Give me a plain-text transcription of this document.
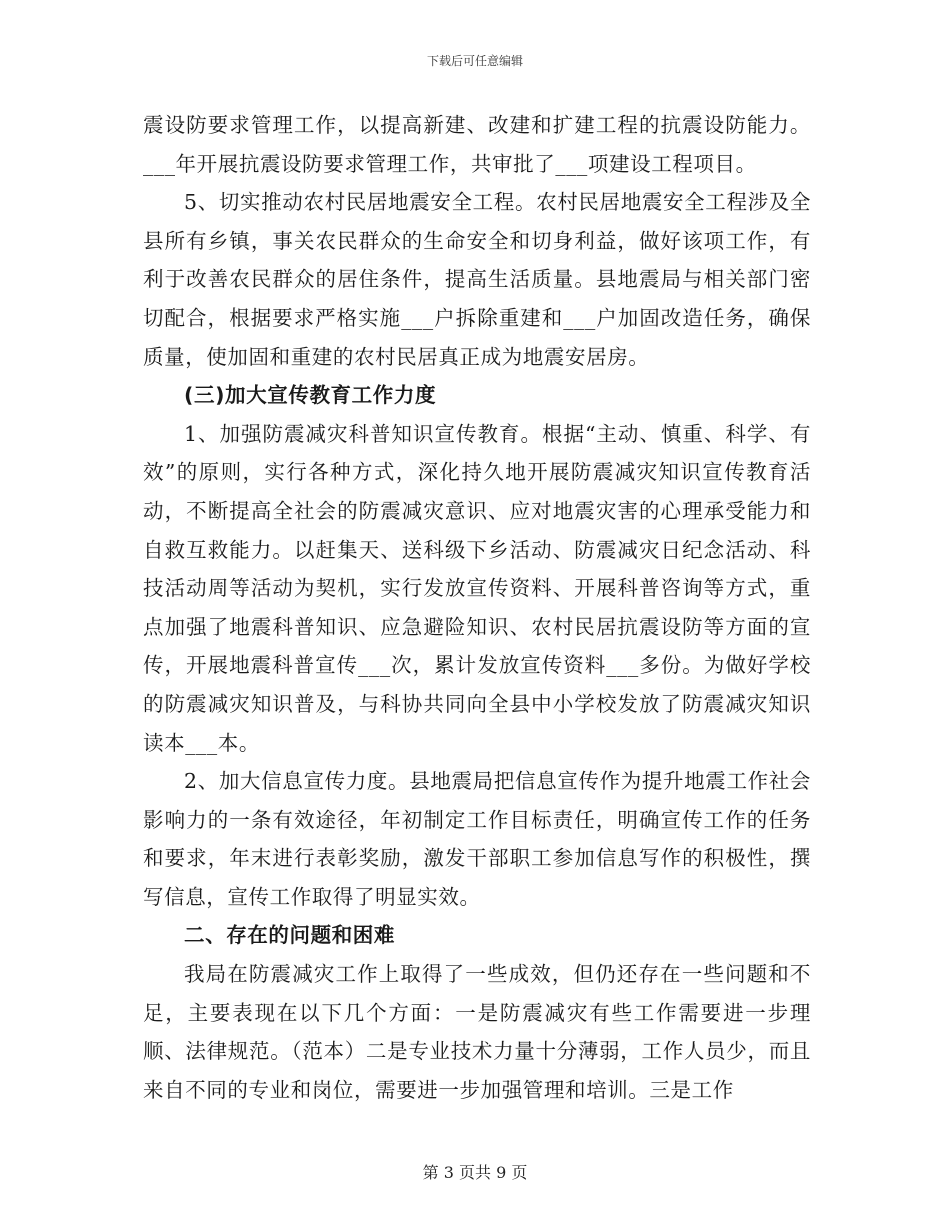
下载后可任意编辑

震设防要求管理工作，以提高新建、改建和扩建工程的抗震设防能力。___年开展抗震设防要求管理工作，共审批了___项建设工程项目。

5、切实推动农村民居地震安全工程。农村民居地震安全工程涉及全县所有乡镇，事关农民群众的生命安全和切身利益，做好该项工作，有利于改善农民群众的居住条件，提高生活质量。县地震局与相关部门密切配合，根据要求严格实施___户拆除重建和___户加固改造任务，确保质量，使加固和重建的农村民居真正成为地震安居房。

(三)加大宣传教育工作力度

1、加强防震减灾科普知识宣传教育。根据“主动、慎重、科学、有效”的原则，实行各种方式，深化持久地开展防震减灾知识宣传教育活动，不断提高全社会的防震减灾意识、应对地震灾害的心理承受能力和自救互救能力。以赶集天、送科级下乡活动、防震减灾日纪念活动、科技活动周等活动为契机，实行发放宣传资料、开展科普咨询等方式，重点加强了地震科普知识、应急避险知识、农村民居抗震设防等方面的宣传，开展地震科普宣传___次，累计发放宣传资料___多份。为做好学校的防震减灾知识普及，与科协共同向全县中小学校发放了防震减灾知识读本___本。

2、加大信息宣传力度。县地震局把信息宣传作为提升地震工作社会影响力的一条有效途径，年初制定工作目标责任，明确宣传工作的任务和要求，年末进行表彰奖励，激发干部职工参加信息写作的积极性，撰写信息，宣传工作取得了明显实效。

二、存在的问题和困难

我局在防震减灾工作上取得了一些成效，但仍还存在一些问题和不足，主要表现在以下几个方面：一是防震减灾有些工作需要进一步理顺、法律规范。（范本）二是专业技术力量十分薄弱，工作人员少，而且来自不同的专业和岗位，需要进一步加强管理和培训。三是工作

第 3 页共 9 页
